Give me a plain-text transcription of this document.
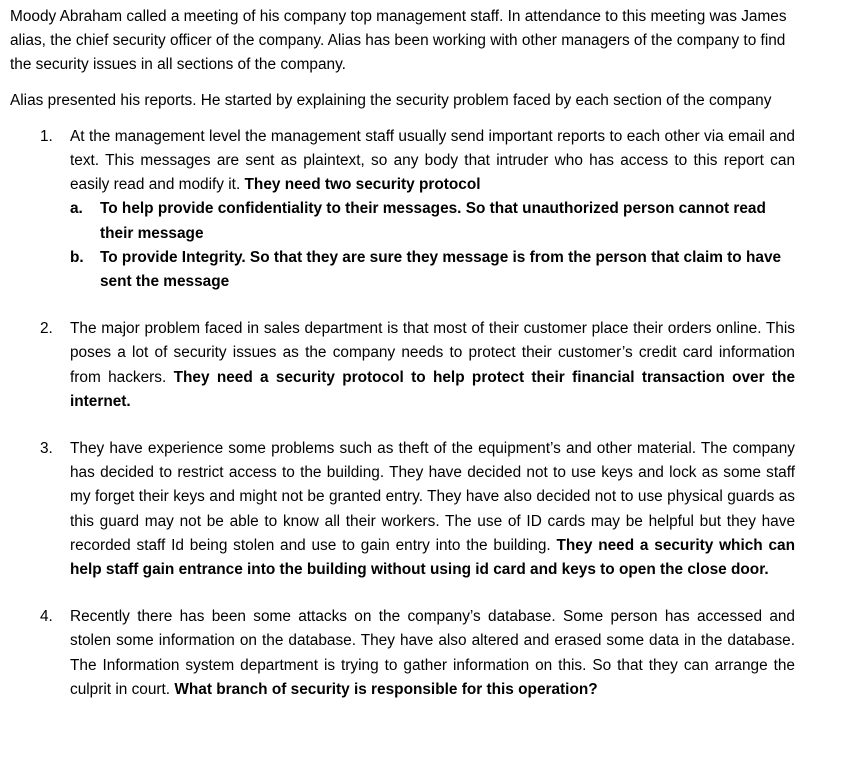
Moody Abraham called a meeting of his company top management staff. In attendance to this meeting was James alias, the chief security officer of the company. Alias has been working with other managers of the company to find the security issues in all sections of the company.

Alias presented his reports. He started by explaining the security problem faced by each section of the company

1. At the management level the management staff usually send important reports to each other via email and text. This messages are sent as plaintext, so any body that intruder who has access to this report can easily read and modify it. They need two security protocol
a. To help provide confidentiality to their messages. So that unauthorized person cannot read their message
b. To provide Integrity. So that they are sure they message is from the person that claim to have sent the message
2. The major problem faced in sales department is that most of their customer place their orders online. This poses a lot of security issues as the company needs to protect their customer’s credit card information from hackers. They need a security protocol to help protect their financial transaction over the internet.
3. They have experience some problems such as theft of the equipment’s and other material. The company has decided to restrict access to the building. They have decided not to use keys and lock as some staff my forget their keys and might not be granted entry. They have also decided not to use physical guards as this guard may not be able to know all their workers. The use of ID cards may be helpful but they have recorded staff Id being stolen and use to gain entry into the building. They need a security which can help staff gain entrance into the building without using id card and keys to open the close door.
4. Recently there has been some attacks on the company’s database. Some person has accessed and stolen some information on the database. They have also altered and erased some data in the database. The Information system department is trying to gather information on this. So that they can arrange the culprit in court. What branch of security is responsible for this operation?
